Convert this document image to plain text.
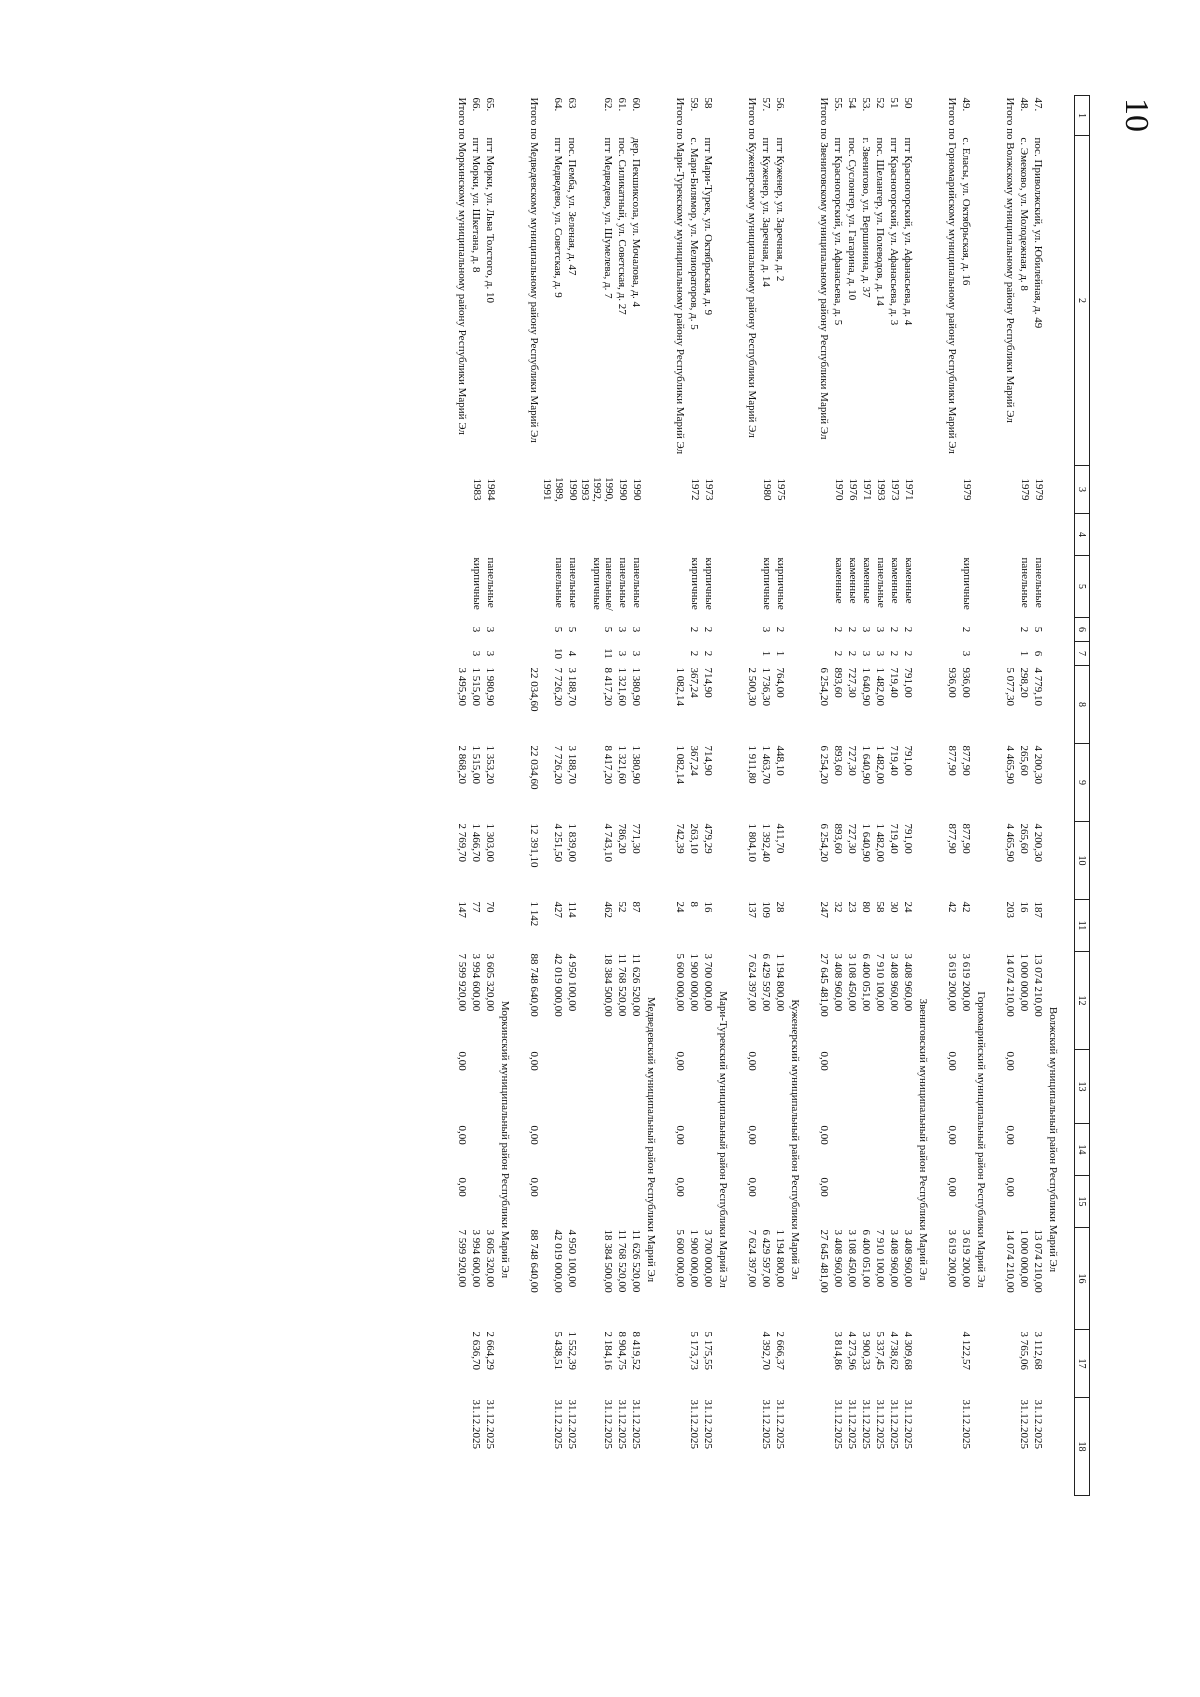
10
1	2	3	4	5	6	7	8	9	10	11	12	13	14	15	16	17	18

							Волжский муниципальный район Республики Марий Эл										
47.	пос. Приволжский, ул. Юбилейная, д. 49	1979		панельные	5	6	4 779,10	4 200,30	4 200,30	187	13 074 210,00				13 074 210,00	3 112,68	31.12.2025
48.	с. Эмеково, ул. Молодежная, д. 8	1979		панельные	2	1	298,20	265,60	265,60	16	1 000 000,00				1 000 000,00	3 765,06	31.12.2025
Итого по Волжскому муниципальному району Республики Марий Эл							5 077,30	4 465,90	4 465,90	203	14 074 210,00	0,00	0,00	0,00	14 074 210,00		

							Горномарийский муниципальный район Республики Марий Эл										
49.	с. Еласы, ул. Октябрьская, д. 16	1979		кирпичные	2	3	936,00	877,90	877,90	42	3 619 200,00				3 619 200,00	4 122,57	31.12.2025
Итого по Горномарийскому муниципальному району Республики Марий Эл							936,00	877,90	877,90	42	3 619 200,00	0,00	0,00	0,00	3 619 200,00		

							Звениговский муниципальный район Республики Марий Эл										
50	пгт Красногорский, ул. Афанасьева, д. 4	1971		каменные	2	2	791,00	791,00	791,00	24	3 408 960,00				3 408 960,00	4 309,68	31.12.2025
51	пгт Красногорский, ул. Афанасьева, д. 3	1973		каменные	2	2	719,40	719,40	719,40	30	3 408 960,00				3 408 960,00	4 738,62	31.12.2025
52	пос. Шелангер, ул. Полеводов, д. 14	1993		панельные	3	3	1 482,00	1 482,00	1 482,00	58	7 910 100,00				7 910 100,00	5 337,45	31.12.2025
53.	г. Звенигово, ул. Вершинина, д. 37	1971		каменные	3	3	1 640,90	1 640,90	1 640,90	80	6 400 051,00				6 400 051,00	3 900,33	31.12.2025
54	пос. Суслонгер, ул. Гагарина, д. 10	1976		каменные	2	2	727,30	727,30	727,30	23	3 108 450,00				3 108 450,00	4 273,96	31.12.2025
55.	пгт Красногорский, ул. Афанасьева, д. 5	1970		каменные	2	2	893,60	893,60	893,60	32	3 408 960,00				3 408 960,00	3 814,86	31.12.2025
Итого по Звениговскому муниципальному району Республики Марий Эл							6 254,20	6 254,20	6 254,20	247	27 645 481,00	0,00	0,00	0,00	27 645 481,00		

							Куженерский муниципальный район Республики Марий Эл										
56.	пгт Куженер, ул. Заречная, д. 2	1975		кирпичные	2	1	764,00	448,10	411,70	28	1 194 800,00				1 194 800,00	2 666,37	31.12.2025
57.	пгт Куженер, ул. Заречная, д. 14	1980		кирпичные	3	1	1 736,30	1 463,70	1 392,40	109	6 429 597,00				6 429 597,00	4 392,70	31.12.2025
Итого по Куженерскому муниципальному району Республики Марий Эл							2 500,30	1 911,80	1 804,10	137	7 624 397,00	0,00	0,00	0,00	7 624 397,00		

							Мари-Турекский муниципальный район Республики Марий Эл										
58	пгт Мари-Турек, ул. Октябрьская, д. 9	1973		кирпичные	2	2	714,90	714,90	479,29	16	3 700 000,00				3 700 000,00	5 175,55	31.12.2025
59.	с. Мари-Билямор, ул. Мелиораторов, д. 5	1972		кирпичные	2	2	367,24	367,24	263,10	8	1 900 000,00				1 900 000,00	5 173,73	31.12.2025
Итого по Мари-Турекскому муниципальному району Республики Марий Эл							1 082,14	1 082,14	742,39	24	5 600 000,00	0,00	0,00	0,00	5 600 000,00		

							Медведевский муниципальный район Республики Марий Эл										
60.	дер. Пекшиксола, ул. Мочалова, д. 4	1990		панельные	3	3	1 380,90	1 380,90	771,30	87	11 626 520,00				11 626 520,00	8 419,52	31.12.2025
61.	пос. Силикатный, ул. Советская, д. 27	1990		панельные	3	3	1 321,60	1 321,60	786,20	52	11 768 520,00				11 768 520,00	8 904,75	31.12.2025
62.	пгт Медведево, ул. Шумелева, д. 7	1990, 1992, 1993		панельные/ кирпичные	5	11	8 417,20	8 417,20	4 743,10	462	18 384 500,00				18 384 500,00	2 184,16	31.12.2025
63	пос. Пемба, ул. Зеленая, д. 47	1990		панельные	5	4	3 188,70	3 188,70	1 839,00	114	4 950 100,00				4 950 100,00	1 552,39	31.12.2025
64.	пгт Медведево, ул. Советская, д. 9	1989, 1991		панельные	5	10	7 726,20	7 726,20	4 251,50	427	42 019 000,00				42 019 000,00	5 438,51	31.12.2025
Итого по Медведевскому муниципальному району Республики Марий Эл							22 034,60	22 034,60	12 391,10	1 142	88 748 640,00	0,00	0,00	0,00	88 748 640,00		

							Моркинский муниципальный район Республики Марий Эл										
65.	пгт Морки, ул. Льва Толстого, д. 10	1984		панельные	3	3	1 980,90	1 353,20	1 303,00	70	3 605 320,00				3 605 320,00	2 664,29	31.12.2025
66.	пгт Морки, ул. Шкетана, д. 8	1983		кирпичные	3	3	1 515,00	1 515,00	1 466,70	77	3 994 600,00				3 994 600,00	2 636,70	31.12.2025
Итого по Моркинскому муниципальному району Республики Марий Эл							3 495,90	2 868,20	2 769,70	147	7 599 920,00	0,00	0,00	0,00	7 599 920,00		
